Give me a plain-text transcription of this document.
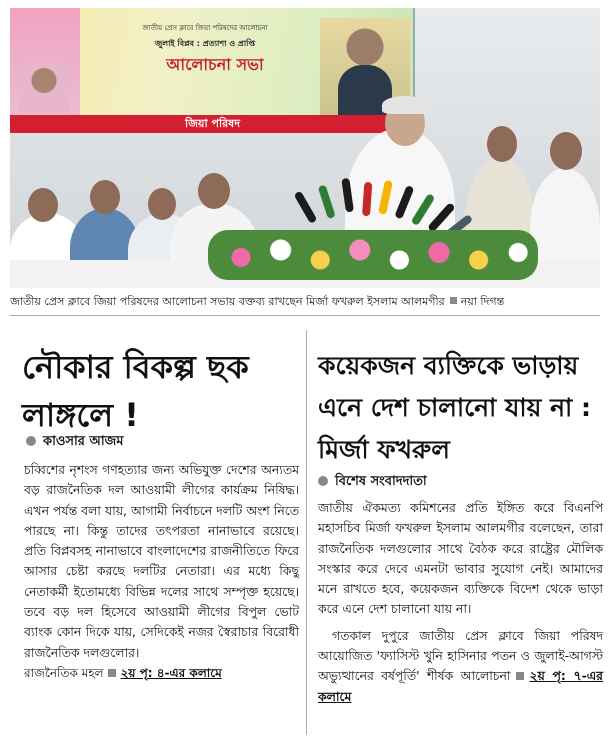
জাতীয় প্রেস ক্লাবে জিয়া পরিষদের আলোচনা
জুলাই বিপ্লব : প্রত্যাশা ও প্রাপ্তি
আলোচনা সভা
জিয়া পরিষদ
জাতীয় প্রেস ক্লাবে জিয়া পরিষদের আলোচনা সভায় বক্তব্য রাখছেন মির্জা ফখরুল ইসলাম আলমগীর নয়া দিগন্ত
নৌকার বিকল্প ছক লাঙ্গলে !
কাওসার আজম

চব্বিশের নৃশংস গণহত্যার জন্য অভিযুক্ত দেশের অন্যতম বড় রাজনৈতিক দল আওয়ামী লীগের কার্যক্রম নিষিদ্ধ। এখন পর্যন্ত বলা যায়, আগামী নির্বাচনে দলটি অংশ নিতে পারছে না। কিন্তু তাদের তৎপরতা নানাভাবে রয়েছে। প্রতি বিপ্লবসহ নানাভাবে বাংলাদেশের রাজনীতিতে ফিরে আসার চেষ্টা করছে দলটির নেতারা। এর মধ্যে কিছু নেতাকর্মী ইতোমধ্যে বিভিন্ন দলের সাথে সম্পৃক্ত হয়েছে। তবে বড় দল হিসেবে আওয়ামী লীগের বিপুল ভোট ব্যাংক কোন দিকে যায়, সেদিকেই নজর স্বৈরাচার বিরোধী রাজনৈতিক দলগুলোর।

রাজনৈতিক মহল ২য় পৃ: ৪-এর কলামে

কয়েকজন ব্যক্তিকে ভাড়ায় এনে দেশ চালানো যায় না : মির্জা ফখরুল
বিশেষ সংবাদদাতা

জাতীয় ঐকমত্য কমিশনের প্রতি ইঙ্গিত করে বিএনপি মহাসচিব মির্জা ফখরুল ইসলাম আলমগীর বলেছেন, তারা রাজনৈতিক দলগুলোর সাথে বৈঠক করে রাষ্ট্রের মৌলিক সংস্কার করে দেবে এমনটা ভাবার সুযোগ নেই। আমাদের মনে রাখতে হবে, কয়েকজন ব্যক্তিকে বিদেশ থেকে ভাড়া করে এনে দেশ চালানো যায় না।

গতকাল দুপুরে জাতীয় প্রেস ক্লাবে জিয়া পরিষদ আয়োজিত 'ফ্যাসিস্ট খুনি হাসিনার পতন ও জুলাই-আগস্ট অভ্যুত্থানের বর্ষপূর্তি' শীর্ষক আলোচনা ২য় পৃ: ৭-এর কলামে
